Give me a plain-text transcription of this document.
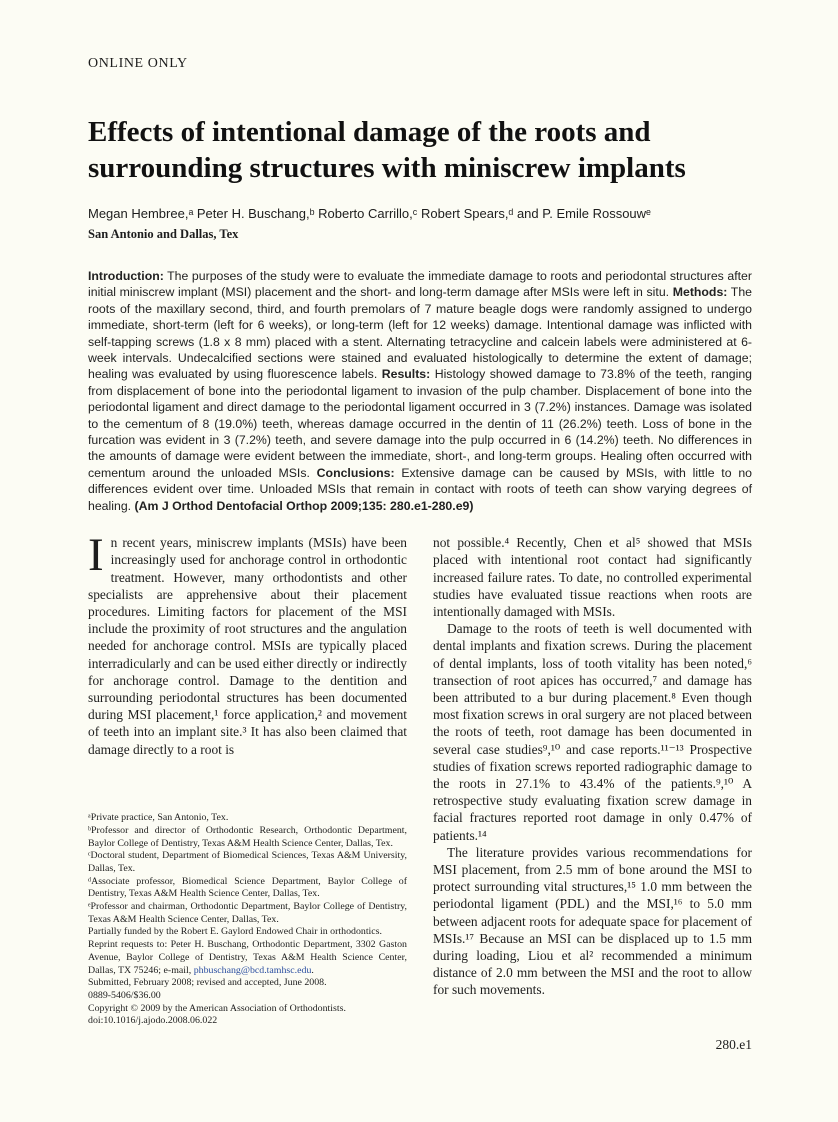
ONLINE ONLY
Effects of intentional damage of the roots and
surrounding structures with miniscrew implants
Megan Hembree,ᵃ Peter H. Buschang,ᵇ Roberto Carrillo,ᶜ Robert Spears,ᵈ and P. Emile Rossouwᵉ
San Antonio and Dallas, Tex

Introduction: The purposes of the study were to evaluate the immediate damage to roots and periodontal structures after initial miniscrew implant (MSI) placement and the short- and long-term damage after MSIs were left in situ. Methods: The roots of the maxillary second, third, and fourth premolars of 7 mature beagle dogs were randomly assigned to undergo immediate, short-term (left for 6 weeks), or long-term (left for 12 weeks) damage. Intentional damage was inflicted with self-tapping screws (1.8 x 8 mm) placed with a stent. Alternating tetracycline and calcein labels were administered at 6-week intervals. Undecalcified sections were stained and evaluated histologically to determine the extent of damage; healing was evaluated by using fluorescence labels. Results: Histology showed damage to 73.8% of the teeth, ranging from displacement of bone into the periodontal ligament to invasion of the pulp chamber. Displacement of bone into the periodontal ligament and direct damage to the periodontal ligament occurred in 3 (7.2%) instances. Damage was isolated to the cementum of 8 (19.0%) teeth, whereas damage occurred in the dentin of 11 (26.2%) teeth. Loss of bone in the furcation was evident in 3 (7.2%) teeth, and severe damage into the pulp occurred in 6 (14.2%) teeth. No differences in the amounts of damage were evident between the immediate, short-, and long-term groups. Healing often occurred with cementum around the unloaded MSIs. Conclusions: Extensive damage can be caused by MSIs, with little to no differences evident over time. Unloaded MSIs that remain in contact with roots of teeth can show varying degrees of healing. (Am J Orthod Dentofacial Orthop 2009;135: 280.e1-280.e9)

In recent years, miniscrew implants (MSIs) have been increasingly used for anchorage control in orthodontic treatment. However, many orthodontists and other specialists are apprehensive about their placement procedures. Limiting factors for placement of the MSI include the proximity of root structures and the angulation needed for anchorage control. MSIs are typically placed interradicularly and can be used either directly or indirectly for anchorage control. Damage to the dentition and surrounding periodontal structures has been documented during MSI placement,¹ force application,² and movement of teeth into an implant site.³ It has also been claimed that damage directly to a root is

ᵃPrivate practice, San Antonio, Tex.

ᵇProfessor and director of Orthodontic Research, Orthodontic Department, Baylor College of Dentistry, Texas A&M Health Science Center, Dallas, Tex.

ᶜDoctoral student, Department of Biomedical Sciences, Texas A&M University, Dallas, Tex.

ᵈAssociate professor, Biomedical Science Department, Baylor College of Dentistry, Texas A&M Health Science Center, Dallas, Tex.

ᵉProfessor and chairman, Orthodontic Department, Baylor College of Dentistry, Texas A&M Health Science Center, Dallas, Tex.

Partially funded by the Robert E. Gaylord Endowed Chair in orthodontics.

Reprint requests to: Peter H. Buschang, Orthodontic Department, 3302 Gaston Avenue, Baylor College of Dentistry, Texas A&M Health Science Center, Dallas, TX 75246; e-mail, phbuschang@bcd.tamhsc.edu.

Submitted, February 2008; revised and accepted, June 2008.

0889-5406/$36.00

Copyright © 2009 by the American Association of Orthodontists.

doi:10.1016/j.ajodo.2008.06.022

not possible.⁴ Recently, Chen et al⁵ showed that MSIs placed with intentional root contact had significantly increased failure rates. To date, no controlled experimental studies have evaluated tissue reactions when roots are intentionally damaged with MSIs.

Damage to the roots of teeth is well documented with dental implants and fixation screws. During the placement of dental implants, loss of tooth vitality has been noted,⁶ transection of root apices has occurred,⁷ and damage has been attributed to a bur during placement.⁸ Even though most fixation screws in oral surgery are not placed between the roots of teeth, root damage has been documented in several case studies⁹,¹⁰ and case reports.¹¹⁻¹³ Prospective studies of fixation screws reported radiographic damage to the roots in 27.1% to 43.4% of the patients.⁹,¹⁰ A retrospective study evaluating fixation screw damage in facial fractures reported root damage in only 0.47% of patients.¹⁴

The literature provides various recommendations for MSI placement, from 2.5 mm of bone around the MSI to protect surrounding vital structures,¹⁵ 1.0 mm between the periodontal ligament (PDL) and the MSI,¹⁶ to 5.0 mm between adjacent roots for adequate space for placement of MSIs.¹⁷ Because an MSI can be displaced up to 1.5 mm during loading, Liou et al² recommended a minimum distance of 2.0 mm between the MSI and the root to allow for such movements.

280.e1
